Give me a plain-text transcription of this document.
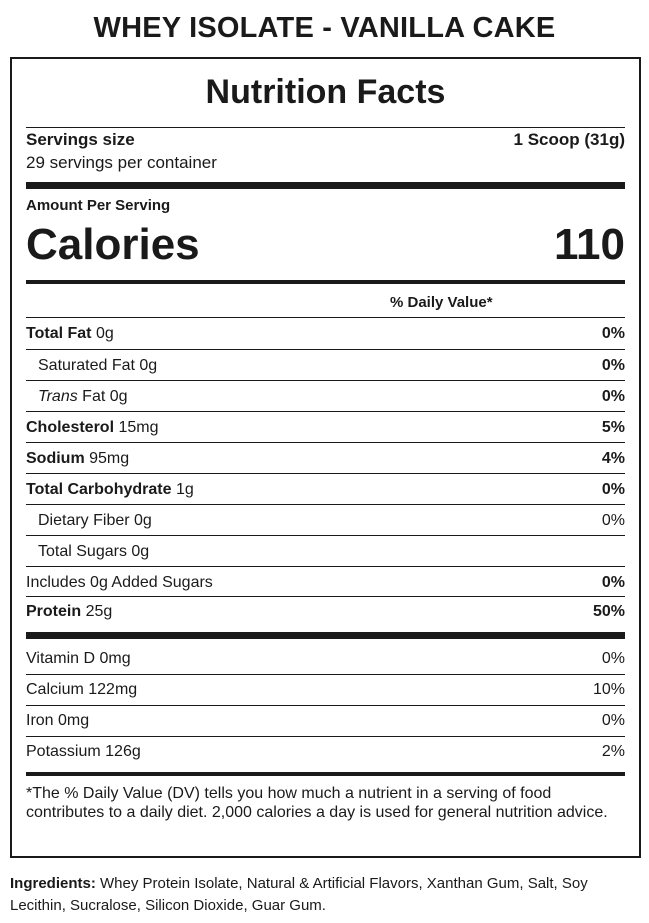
WHEY ISOLATE - VANILLA CAKE
Nutrition Facts
Servings size	1 Scoop (31g)
29 servings per container
Amount Per Serving
Calories	110
% Daily Value*
Total Fat 0g	0%
Saturated Fat 0g	0%
Trans Fat 0g	0%
Cholesterol 15mg	5%
Sodium 95mg	4%
Total Carbohydrate 1g	0%
Dietary Fiber 0g	0%
Total Sugars 0g
Includes 0g Added Sugars	0%
Protein 25g	50%
Vitamin D 0mg	0%
Calcium 122mg	10%
Iron 0mg	0%
Potassium 126g	2%
*The % Daily Value (DV) tells you how much a nutrient in a serving of food contributes to a daily diet. 2,000 calories a day is used for general nutrition advice.
Ingredients: Whey Protein Isolate, Natural & Artificial Flavors, Xanthan Gum, Salt, Soy Lecithin, Sucralose, Silicon Dioxide, Guar Gum.
